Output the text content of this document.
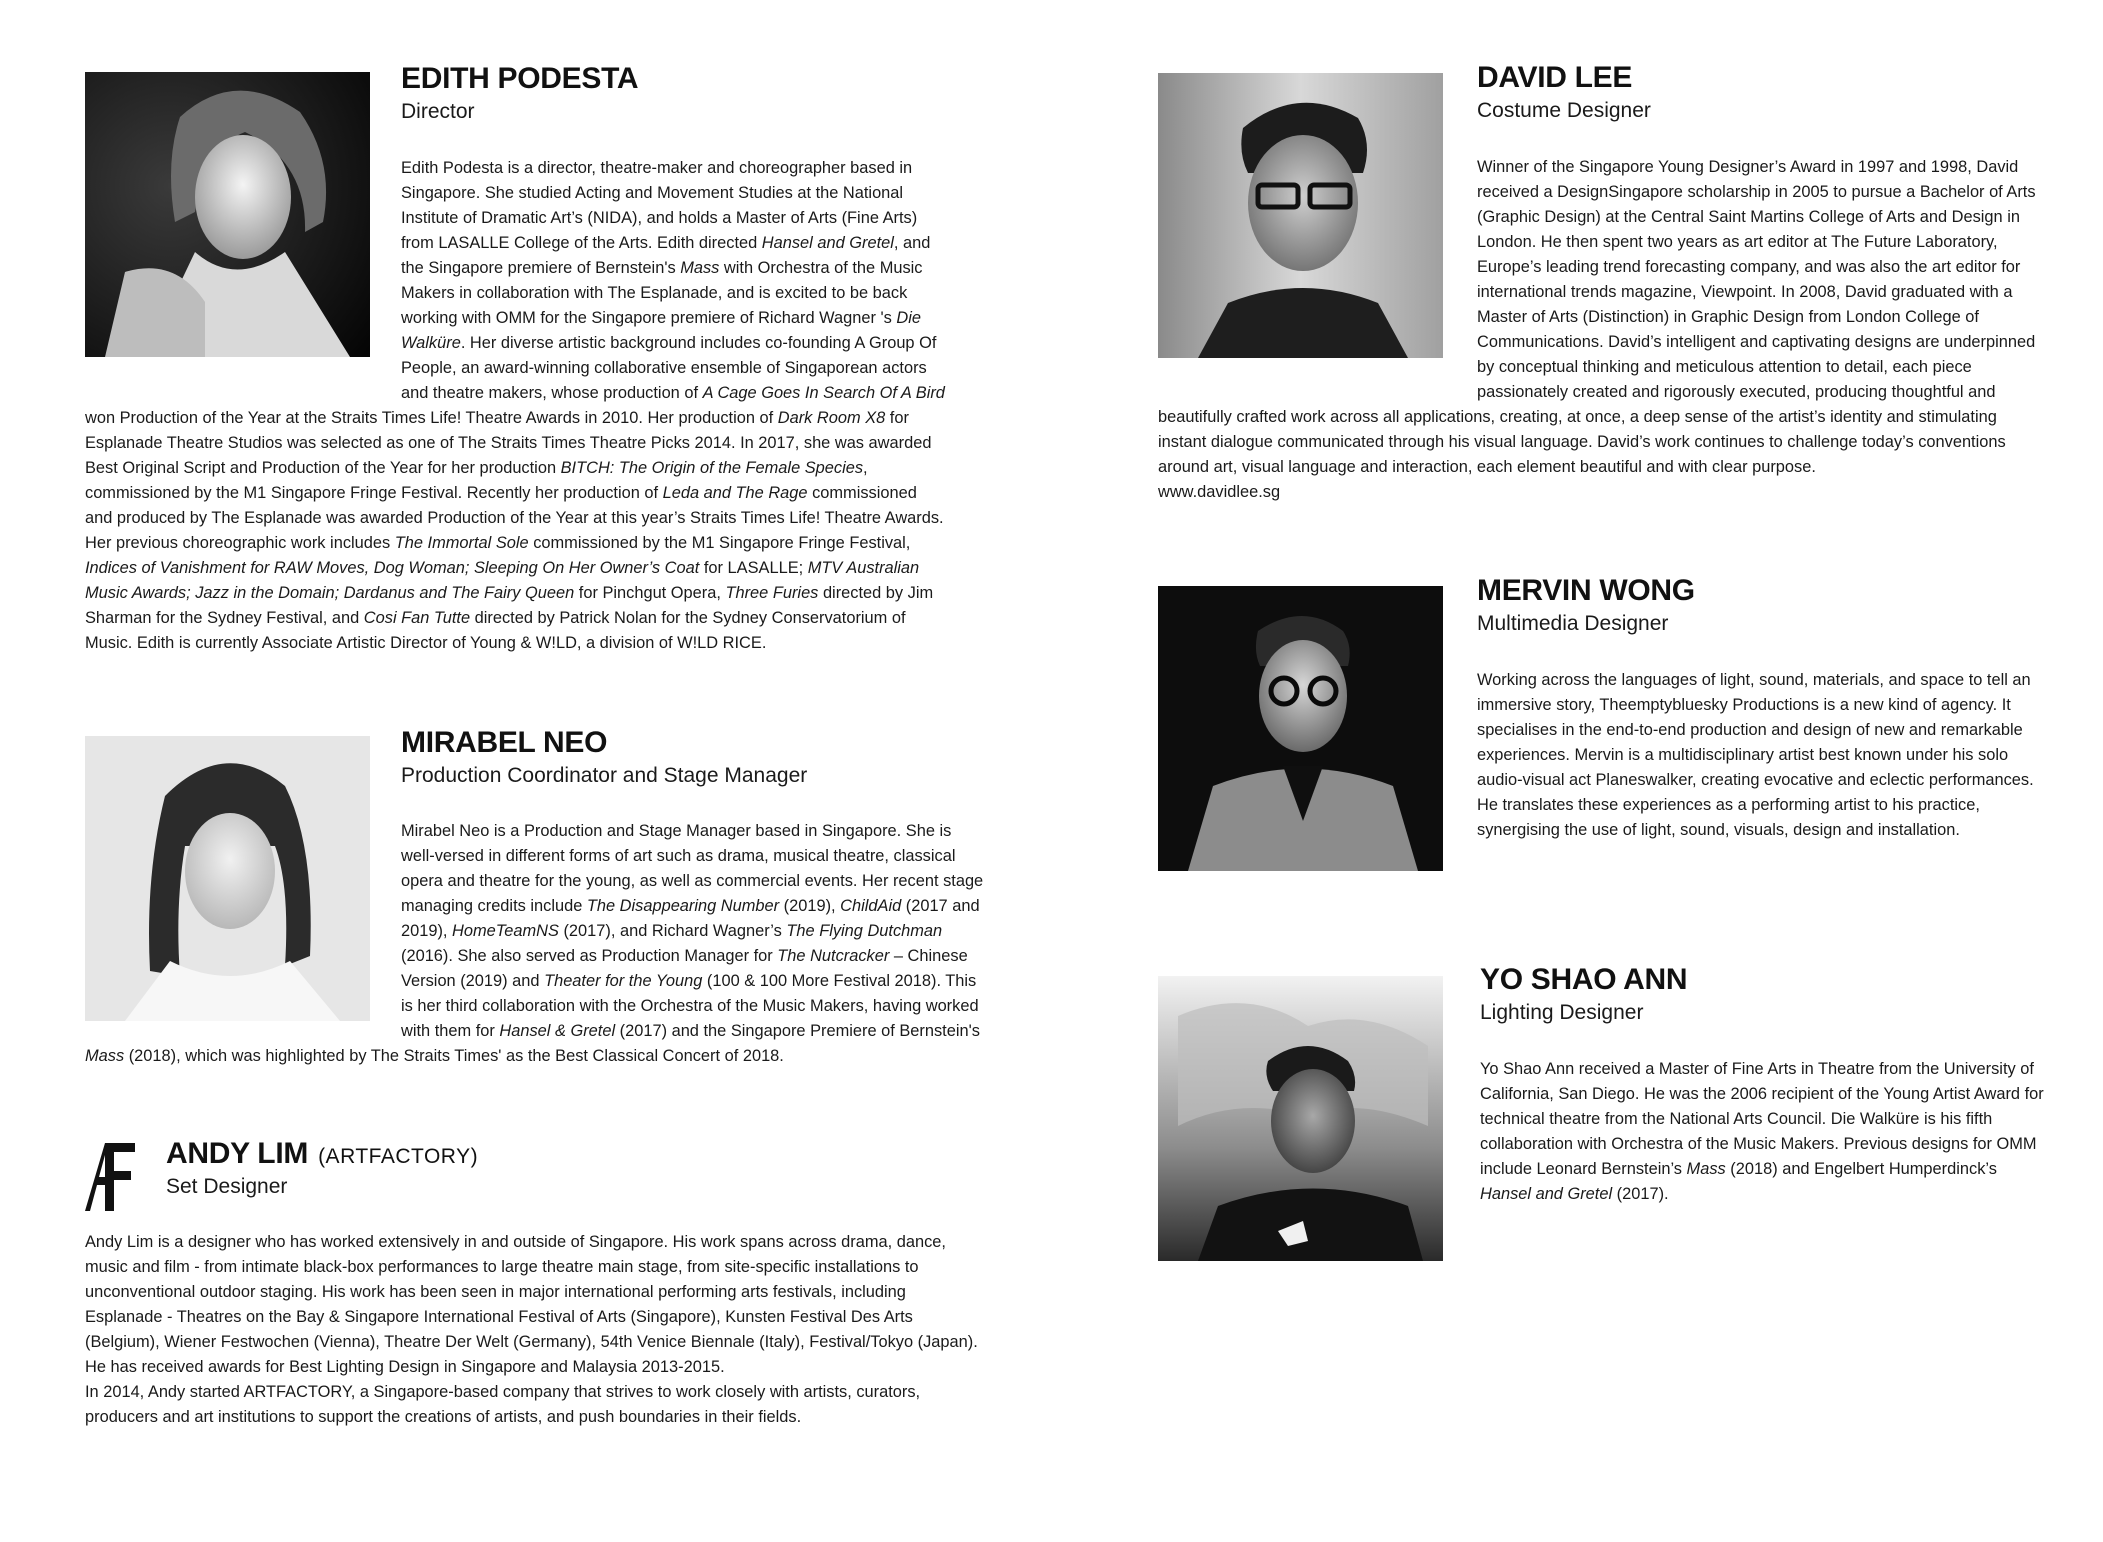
EDITH PODESTA
Director

Edith Podesta is a director, theatre-maker and choreographer based in Singapore. She studied Acting and Movement Studies at the National Institute of Dramatic Art’s (NIDA), and holds a Master of Arts (Fine Arts) from LASALLE College of the Arts. Edith directed Hansel and Gretel, and the Singapore premiere of Bernstein's Mass with Orchestra of the Music Makers in collaboration with The Esplanade, and is excited to be back working with OMM for the Singapore premiere of Richard Wagner 's Die Walküre. Her diverse artistic background includes co-founding A Group Of People, an award-winning collaborative ensemble of Singaporean actors and theatre makers, whose production of A Cage Goes In Search Of A Bird won Production of the Year at the Straits Times Life! Theatre Awards in 2010. Her production of Dark Room X8 for Esplanade Theatre Studios was selected as one of The Straits Times Theatre Picks 2014. In 2017, she was awarded Best Original Script and Production of the Year for her production BITCH: The Origin of the Female Species, commissioned by the M1 Singapore Fringe Festival. Recently her production of Leda and The Rage commissioned and produced by The Esplanade was awarded Production of the Year at this year’s Straits Times Life! Theatre Awards. Her previous choreographic work includes The Immortal Sole commissioned by the M1 Singapore Fringe Festival, Indices of Vanishment for RAW Moves, Dog Woman; Sleeping On Her Owner’s Coat for LASALLE; MTV Australian Music Awards; Jazz in the Domain; Dardanus and The Fairy Queen for Pinchgut Opera, Three Furies directed by Jim Sharman for the Sydney Festival, and Cosi Fan Tutte directed by Patrick Nolan for the Sydney Conservatorium of Music. Edith is currently Associate Artistic Director of Young & W!LD, a division of W!LD RICE.

MIRABEL NEO
Production Coordinator and Stage Manager

Mirabel Neo is a Production and Stage Manager based in Singapore. She is well-versed in different forms of art such as drama, musical theatre, classical opera and theatre for the young, as well as commercial events. Her recent stage managing credits include The Disappearing Number (2019), ChildAid (2017 and 2019), HomeTeamNS (2017), and Richard Wagner’s The Flying Dutchman (2016). She also served as Production Manager for The Nutcracker – Chinese Version (2019) and Theater for the Young (100 & 100 More Festival 2018). This is her third collaboration with the Orchestra of the Music Makers, having worked with them for Hansel & Gretel (2017) and the Singapore Premiere of Bernstein's Mass (2018), which was highlighted by The Straits Times' as the Best Classical Concert of 2018.

ANDY LIM (ARTFACTORY)
Set Designer

Andy Lim is a designer who has worked extensively in and outside of Singapore. His work spans across drama, dance, music and film - from intimate black-box performances to large theatre main stage, from site-specific installations to unconventional outdoor staging. His work has been seen in major international performing arts festivals, including Esplanade - Theatres on the Bay & Singapore International Festival of Arts (Singapore), Kunsten Festival Des Arts (Belgium), Wiener Festwochen (Vienna), Theatre Der Welt (Germany), 54th Venice Biennale (Italy), Festival/Tokyo (Japan). He has received awards for Best Lighting Design in Singapore and Malaysia 2013-2015.

In 2014, Andy started ARTFACTORY, a Singapore-based company that strives to work closely with artists, curators, producers and art institutions to support the creations of artists, and push boundaries in their fields.

DAVID LEE
Costume Designer

Winner of the Singapore Young Designer’s Award in 1997 and 1998, David received a DesignSingapore scholarship in 2005 to pursue a Bachelor of Arts (Graphic Design) at the Central Saint Martins College of Arts and Design in London. He then spent two years as art editor at The Future Laboratory, Europe’s leading trend forecasting company, and was also the art editor for international trends magazine, Viewpoint. In 2008, David graduated with a Master of Arts (Distinction) in Graphic Design from London College of Communications. David’s intelligent and captivating designs are underpinned by conceptual thinking and meticulous attention to detail, each piece passionately created and rigorously executed, producing thoughtful and beautifully crafted work across all applications, creating, at once, a deep sense of the artist’s identity and stimulating instant dialogue communicated through his visual language. David’s work continues to challenge today’s conventions around art, visual language and interaction, each element beautiful and with clear purpose.

www.davidlee.sg

MERVIN WONG
Multimedia Designer
Working across the languages of light, sound, materials, and space to tell an immersive story, Theemptybluesky Productions is a new kind of agency. It specialises in the end-to-end production and design of new and remarkable experiences. Mervin is a multidisciplinary artist best known under his solo audio-visual act Planeswalker, creating evocative and eclectic performances. He translates these experiences as a performing artist to his practice, synergising the use of light, sound, visuals, design and installation.
YO SHAO ANN
Lighting Designer
Yo Shao Ann received a Master of Fine Arts in Theatre from the University of California, San Diego. He was the 2006 recipient of the Young Artist Award for technical theatre from the National Arts Council. Die Walküre is his fifth collaboration with Orchestra of the Music Makers. Previous designs for OMM include Leonard Bernstein’s Mass (2018) and Engelbert Humperdinck’s Hansel and Gretel (2017).
